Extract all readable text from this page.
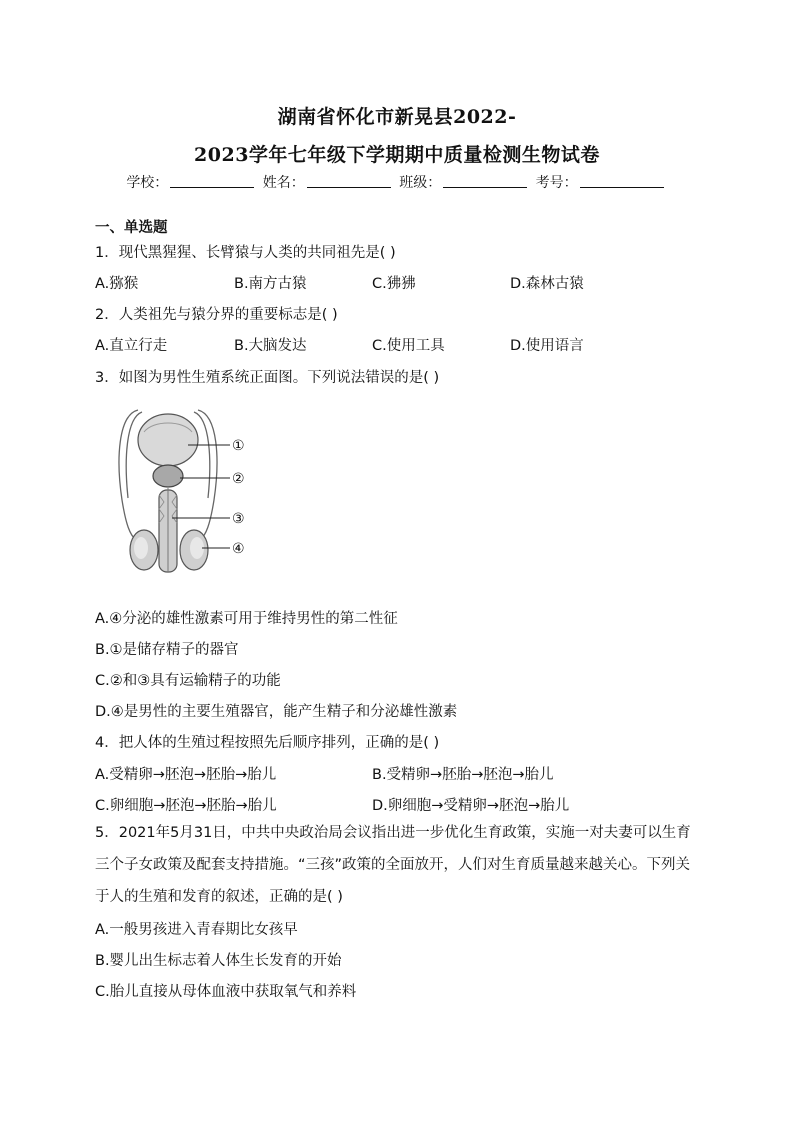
湖南省怀化市新晃县2022-
2023学年七年级下学期期中质量检测生物试卷
学校：	姓名：	班级：	考号：
一、单选题
1．现代黑猩猩、长臂猿与人类的共同祖先是( )
A.猕猴	B.南方古猿	C.狒狒	D.森林古猿
2．人类祖先与猿分界的重要标志是( )
A.直立行走	B.大脑发达	C.使用工具	D.使用语言
3．如图为男性生殖系统正面图。下列说法错误的是( )
①
②
③
④
A.④分泌的雄性激素可用于维持男性的第二性征
B.①是储存精子的器官
C.②和③具有运输精子的功能
D.④是男性的主要生殖器官，能产生精子和分泌雄性激素
4．把人体的生殖过程按照先后顺序排列，正确的是( )
A.受精卵→胚泡→胚胎→胎儿	B.受精卵→胚胎→胚泡→胎儿
C.卵细胞→胚泡→胚胎→胎儿	D.卵细胞→受精卵→胚泡→胎儿
5．2021年5月31日，中共中央政治局会议指出进一步优化生育政策，实施一对夫妻可以生育三个子女政策及配套支持措施。“三孩”政策的全面放开，人们对生育质量越来越关心。下列关于人的生殖和发育的叙述，正确的是( )
A.一般男孩进入青春期比女孩早
B.婴儿出生标志着人体生长发育的开始
C.胎儿直接从母体血液中获取氧气和养料
